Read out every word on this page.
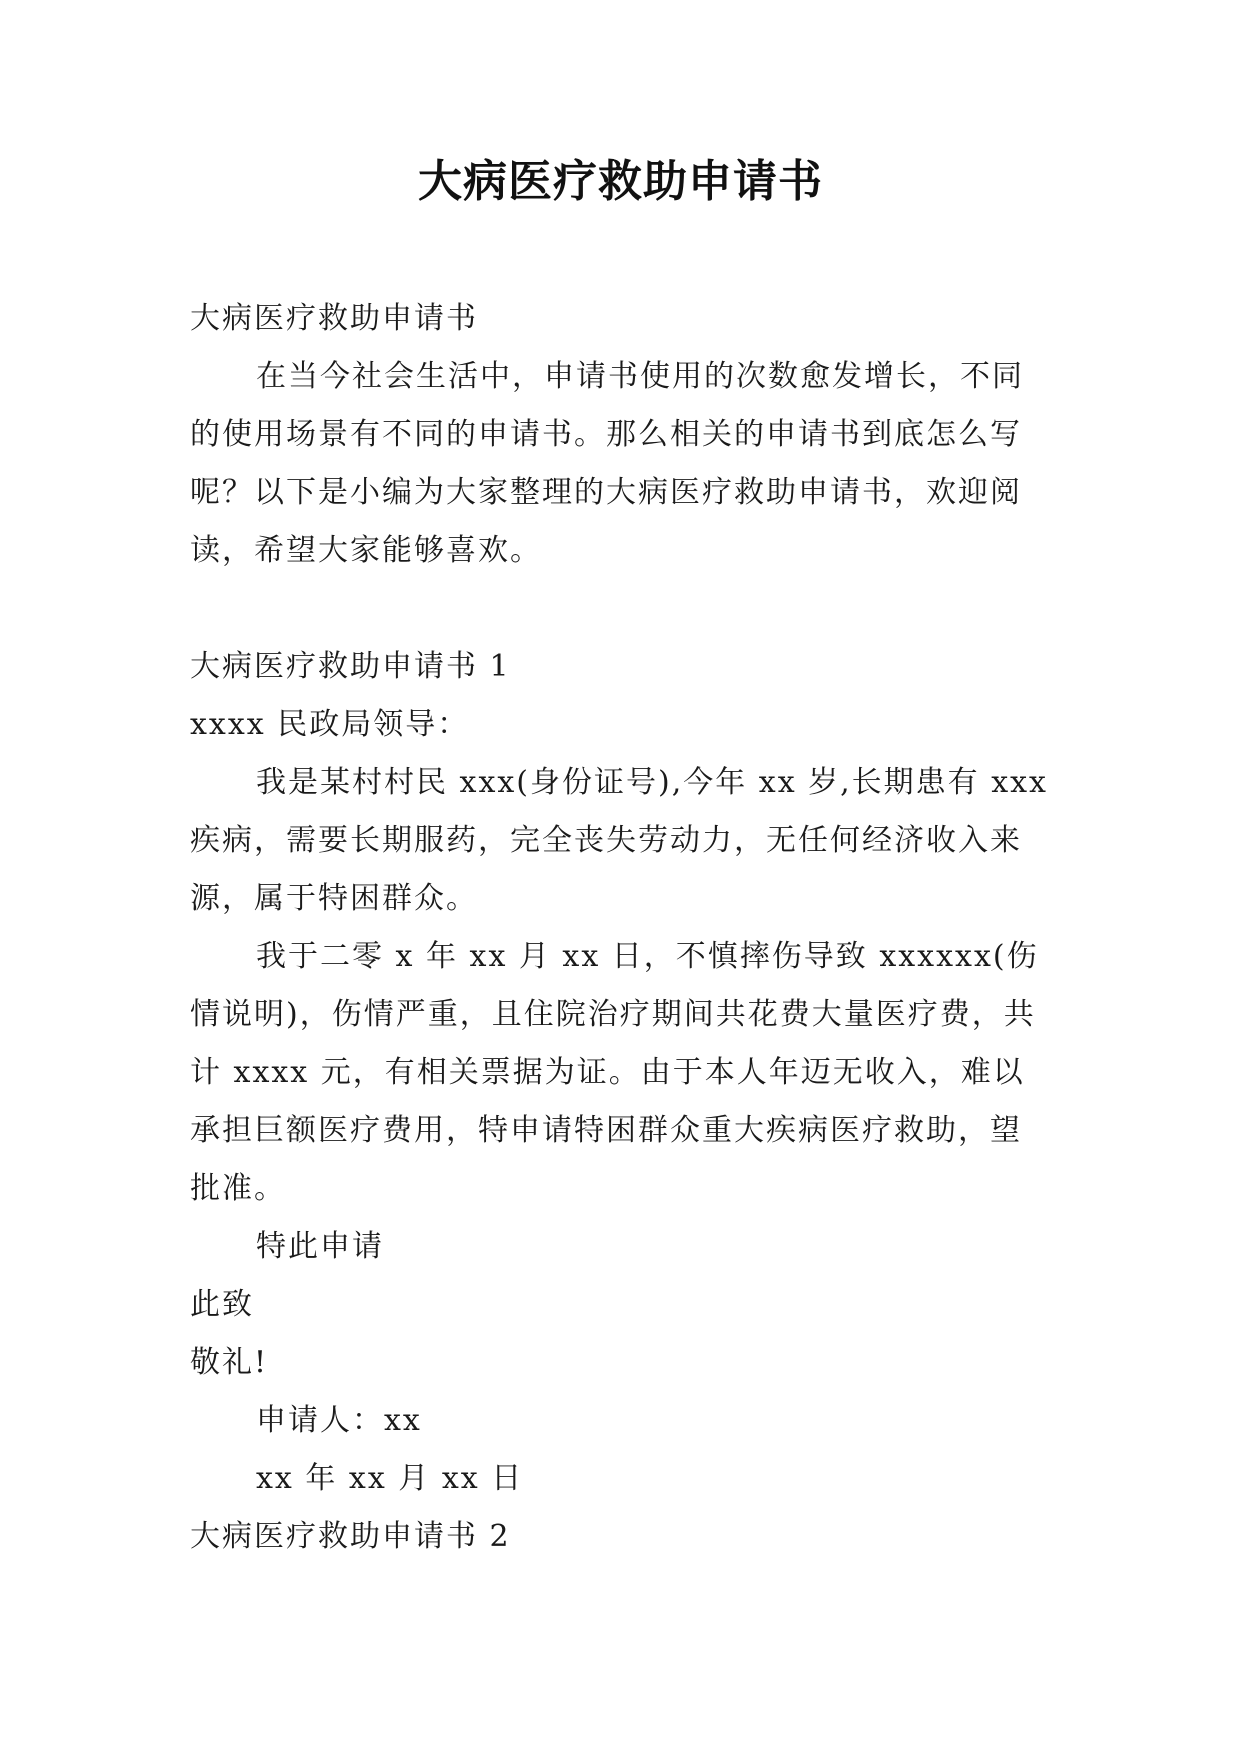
大病医疗救助申请书

大病医疗救助申请书

在当今社会生活中，申请书使用的次数愈发增长，不同的使用场景有不同的申请书。那么相关的申请书到底怎么写呢？以下是小编为大家整理的大病医疗救助申请书，欢迎阅读，希望大家能够喜欢。

大病医疗救助申请书 1

xxxx 民政局领导：

我是某村村民 xxx(身份证号),今年 xx 岁,长期患有 xxx 疾病，需要长期服药，完全丧失劳动力，无任何经济收入来源，属于特困群众。

我于二零 x 年 xx 月 xx 日，不慎摔伤导致 xxxxxx(伤情说明)，伤情严重，且住院治疗期间共花费大量医疗费，共计 xxxx 元，有相关票据为证。由于本人年迈无收入，难以承担巨额医疗费用，特申请特困群众重大疾病医疗救助，望批准。

特此申请

此致

敬礼!

申请人：xx

xx 年 xx 月 xx 日

大病医疗救助申请书 2
